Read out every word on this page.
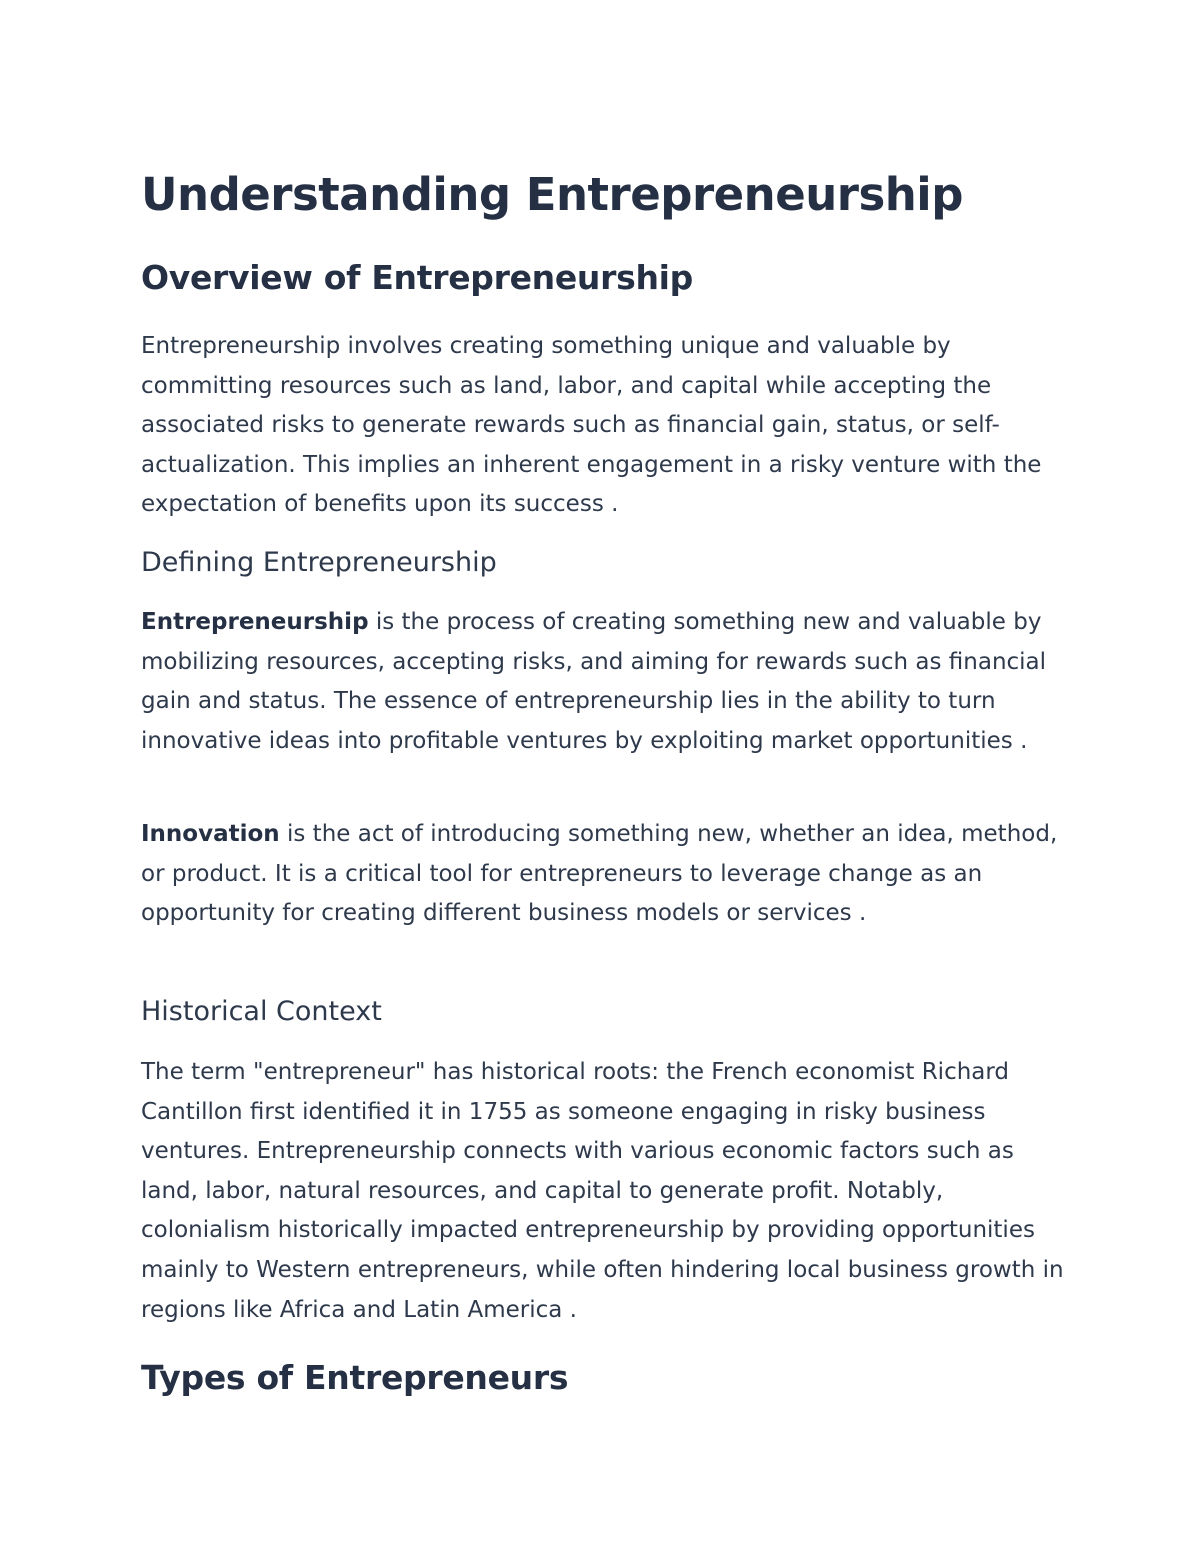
Understanding Entrepreneurship
Overview of Entrepreneurship

Entrepreneurship involves creating something unique and valuable by committing resources such as land, labor, and capital while accepting the associated risks to generate rewards such as financial gain, status, or self-actualization. This implies an inherent engagement in a risky venture with the expectation of benefits upon its success .

Defining Entrepreneurship

Entrepreneurship is the process of creating something new and valuable by mobilizing resources, accepting risks, and aiming for rewards such as financial gain and status. The essence of entrepreneurship lies in the ability to turn innovative ideas into profitable ventures by exploiting market opportunities .

Innovation is the act of introducing something new, whether an idea, method, or product. It is a critical tool for entrepreneurs to leverage change as an opportunity for creating different business models or services .

Historical Context

The term "entrepreneur" has historical roots: the French economist Richard Cantillon first identified it in 1755 as someone engaging in risky business ventures. Entrepreneurship connects with various economic factors such as land, labor, natural resources, and capital to generate profit. Notably, colonialism historically impacted entrepreneurship by providing opportunities mainly to Western entrepreneurs, while often hindering local business growth in regions like Africa and Latin America .

Types of Entrepreneurs
